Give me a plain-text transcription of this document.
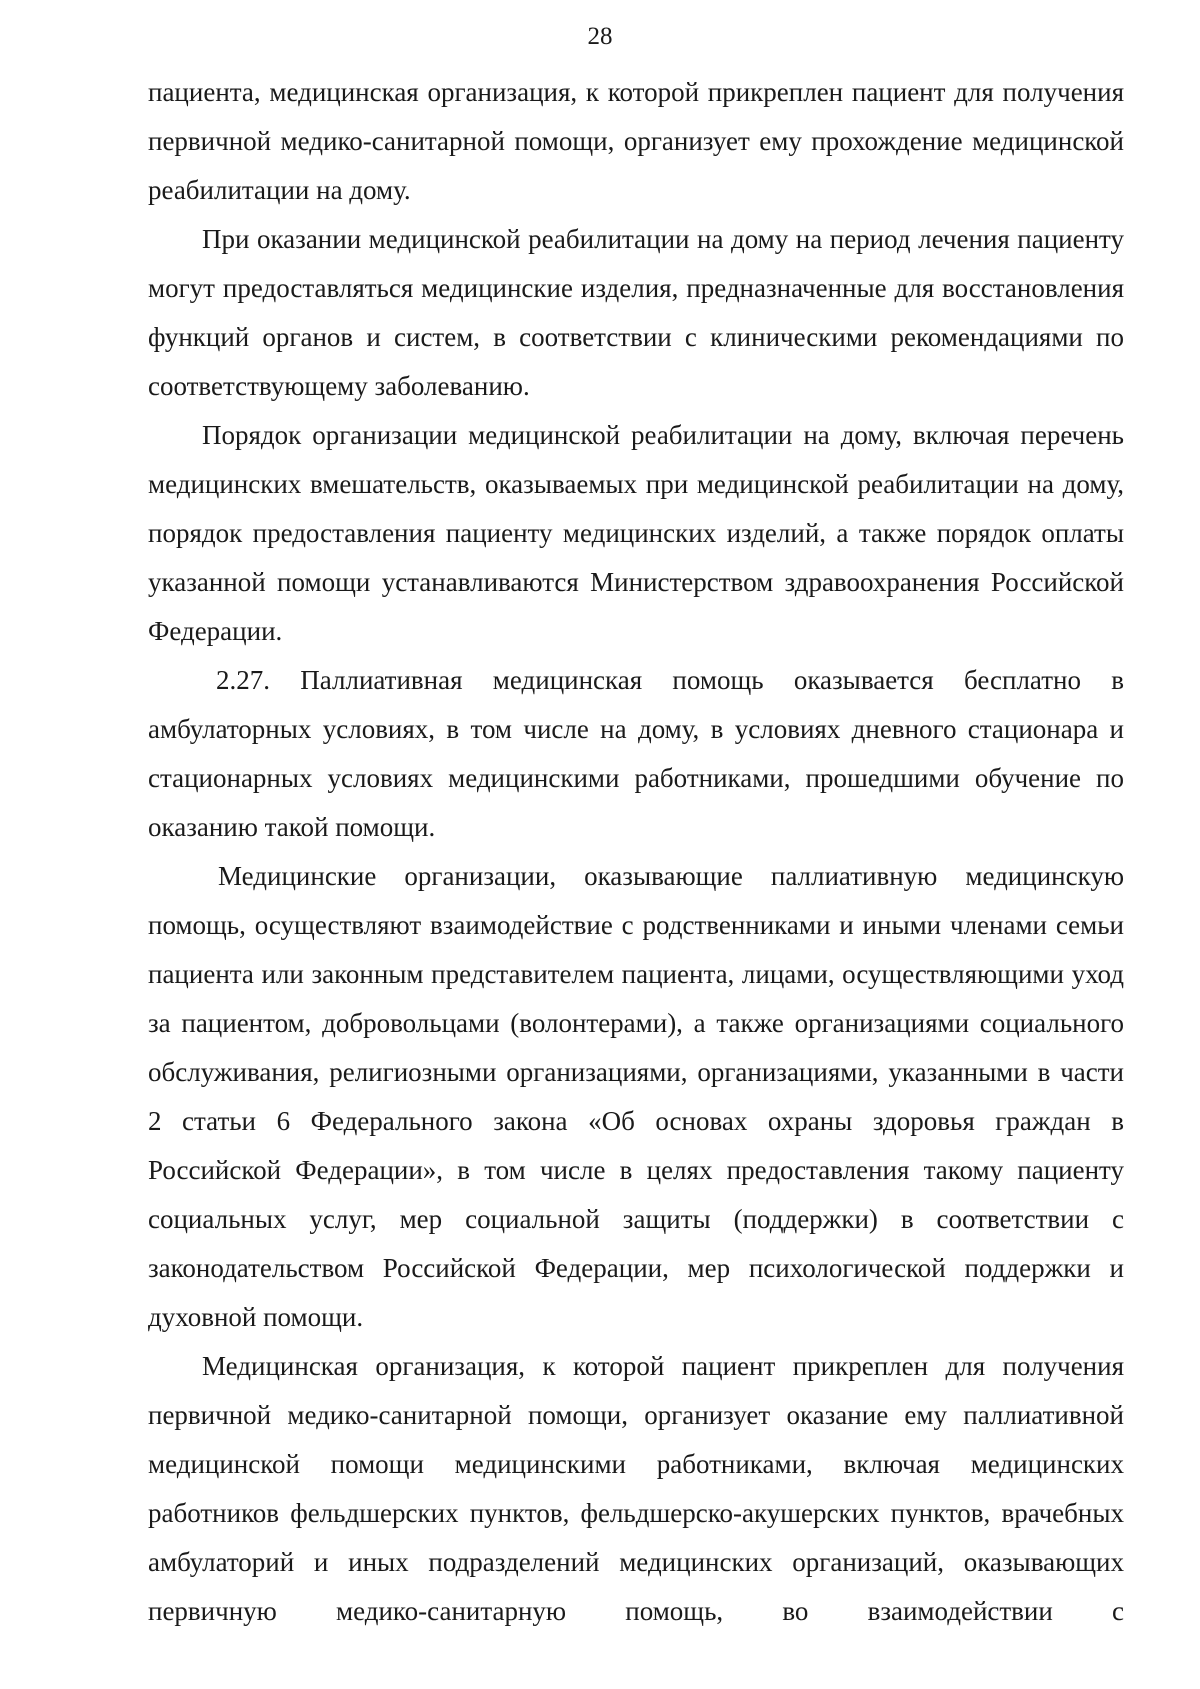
28

пациента, медицинская организация, к которой прикреплен пациент для получения первичной медико-санитарной помощи, организует ему прохождение медицинской реабилитации на дому.

При оказании медицинской реабилитации на дому на период лечения пациенту могут предоставляться медицинские изделия, предназначенные для восстановления функций органов и систем, в соответствии с клиническими рекомендациями по соответствующему заболеванию.

Порядок организации медицинской реабилитации на дому, включая перечень медицинских вмешательств, оказываемых при медицинской реабилитации на дому, порядок предоставления пациенту медицинских изделий, а также порядок оплаты указанной помощи устанавливаются Министерством здравоохранения Российской Федерации.

2.27. Паллиативная медицинская помощь оказывается бесплатно в амбулаторных условиях, в том числе на дому, в условиях дневного стационара и стационарных условиях медицинскими работниками, прошедшими обучение по оказанию такой помощи.

Медицинские организации, оказывающие паллиативную медицинскую помощь, осуществляют взаимодействие с родственниками и иными членами семьи пациента или законным представителем пациента, лицами, осуществляющими уход за пациентом, добровольцами (волонтерами), а также организациями социального обслуживания, религиозными организациями, организациями, указанными в части 2 статьи 6 Федерального закона «Об основах охраны здоровья граждан в Российской Федерации», в том числе в целях предоставления такому пациенту социальных услуг, мер социальной защиты (поддержки) в соответствии с законодательством Российской Федерации, мер психологической поддержки и духовной помощи.

Медицинская организация, к которой пациент прикреплен для получения первичной медико-санитарной помощи, организует оказание ему паллиативной медицинской помощи медицинскими работниками, включая медицинских работников фельдшерских пунктов, фельдшерско-акушерских пунктов, врачебных амбулаторий и иных подразделений медицинских организаций, оказывающих первичную медико-санитарную помощь, во взаимодействии с
